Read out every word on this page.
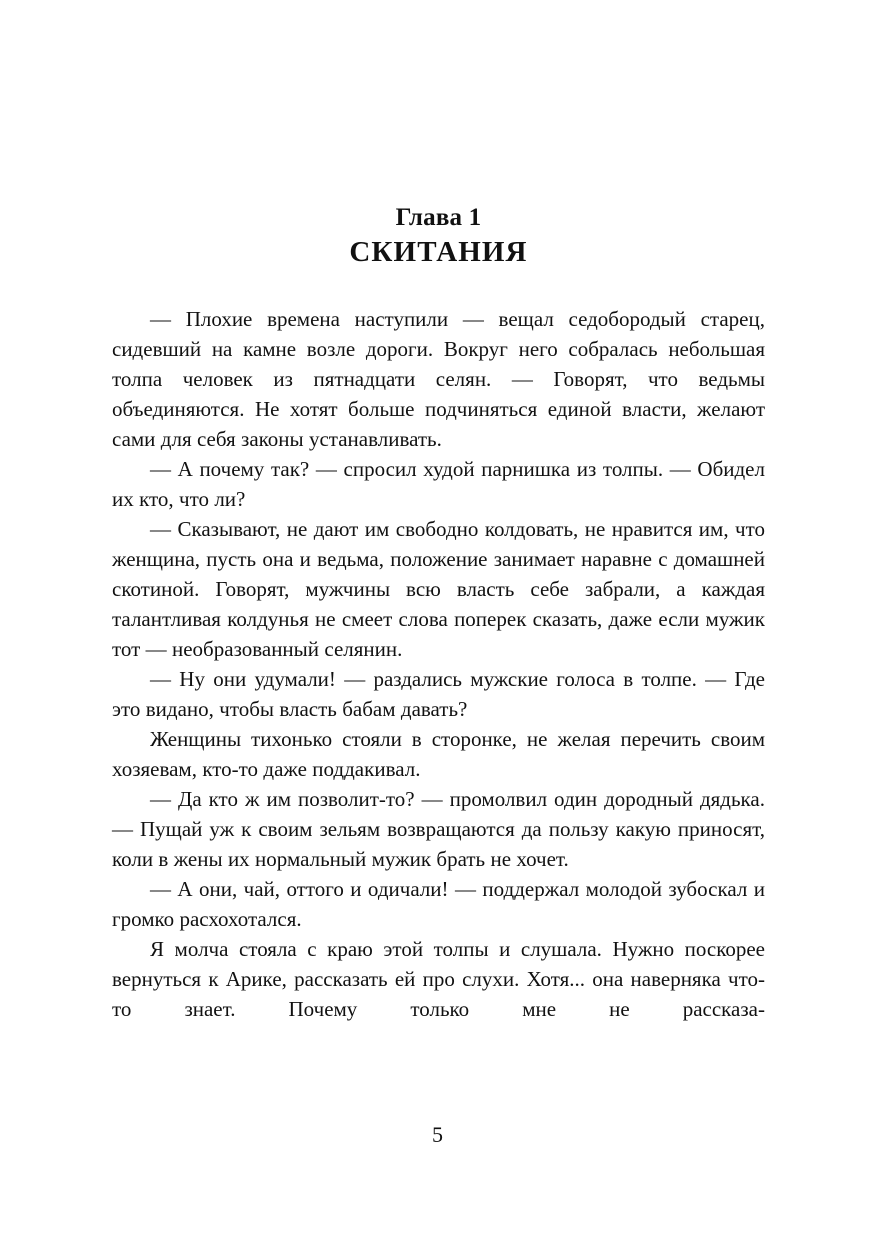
Глава 1
СКИТАНИЯ

— Плохие времена наступили — вещал седобородый старец, сидевший на камне возле дороги. Вокруг него собралась небольшая толпа человек из пятнадцати селян. — Говорят, что ведьмы объединяются. Не хотят больше подчиняться единой власти, желают сами для себя законы устанавливать.

— А почему так? — спросил худой парнишка из толпы. — Обидел их кто, что ли?

— Сказывают, не дают им свободно колдовать, не нравится им, что женщина, пусть она и ведьма, положение занимает наравне с домашней скотиной. Говорят, мужчины всю власть себе забрали, а каждая талантливая колдунья не смеет слова поперек сказать, даже если мужик тот — необразованный селянин.

— Ну они удумали! — раздались мужские голоса в толпе. — Где это видано, чтобы власть бабам давать?

Женщины тихонько стояли в сторонке, не желая перечить своим хозяевам, кто-то даже поддакивал.

— Да кто ж им позволит-то? — промолвил один дородный дядька. — Пущай уж к своим зельям возвращаются да пользу какую приносят, коли в жены их нормальный мужик брать не хочет.

— А они, чай, оттого и одичали! — поддержал молодой зубоскал и громко расхохотался.

Я молча стояла с краю этой толпы и слушала. Нужно поскорее вернуться к Арике, рассказать ей про слухи. Хотя... она наверняка что-то знает. Почему только мне не рассказа-

5
